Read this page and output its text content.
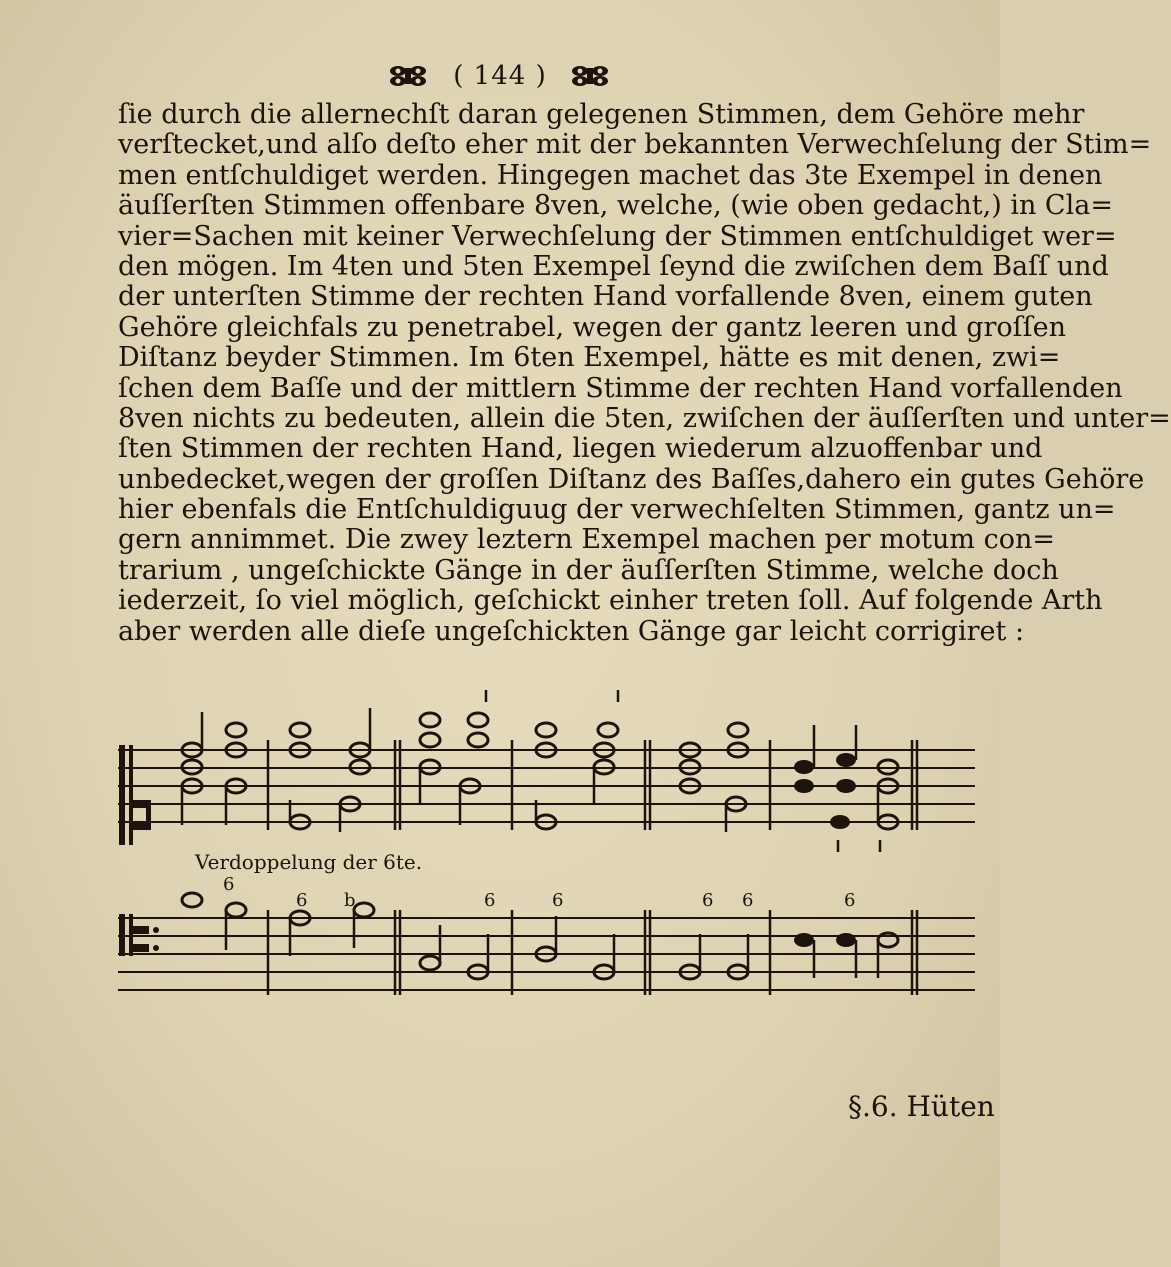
( 144 )
ſie durch die allernechſt daran gelegenen Stimmen, dem Gehöre mehr
verſtecket,und alſo deſto eher mit der bekannten Verwechſelung der Stim=
men entſchuldiget werden. Hingegen machet das 3te Exempel in denen
äuſſerſten Stimmen offenbare 8ven, welche, (wie oben gedacht,) in Cla=
vier=Sachen mit keiner Verwechſelung der Stimmen entſchuldiget wer=
den mögen. Im 4ten und 5ten Exempel ſeynd die zwiſchen dem Baſſ und
der unterſten Stimme der rechten Hand vorfallende 8ven, einem guten
Gehöre gleichfals zu penetrabel, wegen der gantz leeren und groſſen
Diſtanz beyder Stimmen. Im 6ten Exempel, hätte es mit denen, zwi=
ſchen dem Baſſe und der mittlern Stimme der rechten Hand vorfallenden
8ven nichts zu bedeuten, allein die 5ten, zwiſchen der äuſſerſten und unter=
ſten Stimmen der rechten Hand, liegen wiederum alzuoffenbar und
unbedecket,wegen der groſſen Diſtanz des Baſſes,dahero ein gutes Gehöre
hier ebenfals die Entſchuldiguug der verwechſelten Stimmen, gantz un=
gern annimmet. Die zwey leztern Exempel machen per motum con=
trarium , ungeſchickte Gänge in der äuſſerſten Stimme, welche doch
iederzeit, ſo viel möglich, geſchickt einher treten ſoll. Auf folgende Arth
aber werden alle dieſe ungeſchickten Gänge gar leicht corrigiret :
6
6 b	6	6	6 6	6
Verdoppelung der 6te.
§.6. Hüten
